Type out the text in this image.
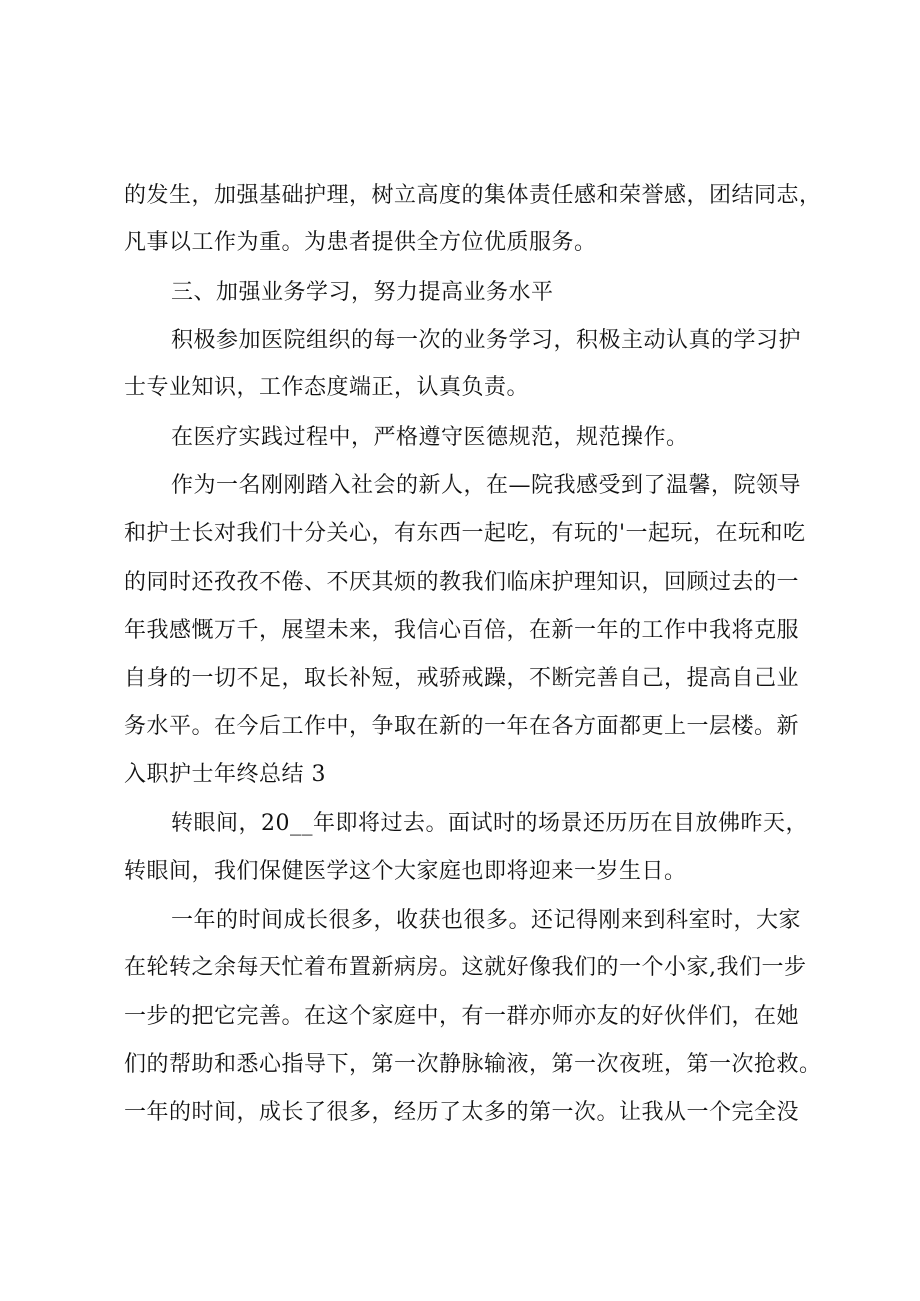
的发生，加强基础护理，树立高度的集体责任感和荣誉感，团结同志，
凡事以工作为重。为患者提供全方位优质服务。
三、加强业务学习，努力提高业务水平
积极参加医院组织的每一次的业务学习，积极主动认真的学习护
士专业知识，工作态度端正，认真负责。
在医疗实践过程中，严格遵守医德规范，规范操作。
作为一名刚刚踏入社会的新人，在—院我感受到了温馨，院领导
和护士长对我们十分关心，有东西一起吃，有玩的'一起玩，在玩和吃
的同时还孜孜不倦、不厌其烦的教我们临床护理知识，回顾过去的一
年我感慨万千，展望未来，我信心百倍，在新一年的工作中我将克服
自身的一切不足，取长补短，戒骄戒躁，不断完善自己，提高自己业
务水平。在今后工作中，争取在新的一年在各方面都更上一层楼。新
入职护士年终总结 3
转眼间，20__年即将过去。面试时的场景还历历在目放佛昨天，
转眼间，我们保健医学这个大家庭也即将迎来一岁生日。
一年的时间成长很多，收获也很多。还记得刚来到科室时，大家
在轮转之余每天忙着布置新病房。这就好像我们的一个小家,我们一步
一步的把它完善。在这个家庭中，有一群亦师亦友的好伙伴们，在她
们的帮助和悉心指导下，第一次静脉输液，第一次夜班，第一次抢救。
一年的时间，成长了很多，经历了太多的第一次。让我从一个完全没
